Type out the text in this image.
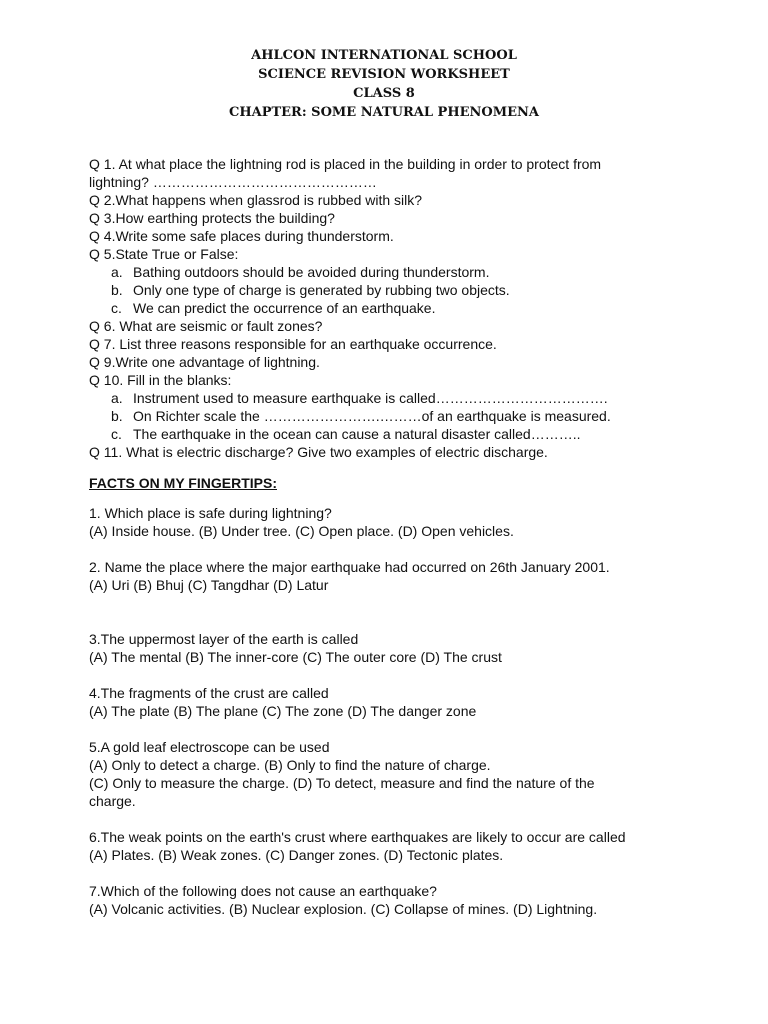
AHLCON INTERNATIONAL SCHOOL
SCIENCE REVISION WORKSHEET
CLASS 8
CHAPTER: SOME NATURAL PHENOMENA
Q 1. At what place the lightning rod is placed in the building in order to protect from
lightning? …………………………………………
Q 2.What happens when glassrod is rubbed with silk?
Q 3.How earthing protects the building?
Q 4.Write some safe places during thunderstorm.
Q 5.State True or False:
a. Bathing outdoors should be avoided during thunderstorm.
b. Only one type of charge is generated by rubbing two objects.
c. We can predict the occurrence of an earthquake.
Q 6. What are seismic or fault zones?
Q 7. List three reasons responsible for an earthquake occurrence.
Q 9.Write one advantage of lightning.
Q 10. Fill in the blanks:
a. Instrument used to measure earthquake is called……………………………….
b. On Richter scale the …………………….………of an earthquake is measured.
c. The earthquake in the ocean can cause a natural disaster called………..
Q 11. What is electric discharge? Give two examples of electric discharge.
FACTS ON MY FINGERTIPS:
1. Which place is safe during lightning?
(A) Inside house. (B) Under tree. (C) Open place. (D) Open vehicles.
2. Name the place where the major earthquake had occurred on 26th January 2001.
(A) Uri (B) Bhuj (C) Tangdhar (D) Latur
3.The uppermost layer of the earth is called
(A) The mental (B) The inner-core (C) The outer core (D) The crust
4.The fragments of the crust are called
(A) The plate (B) The plane (C) The zone (D) The danger zone
5.A gold leaf electroscope can be used
(A) Only to detect a charge. (B) Only to find the nature of charge.
(C) Only to measure the charge. (D) To detect, measure and find the nature of the
charge.
6.The weak points on the earth's crust where earthquakes are likely to occur are called
(A) Plates. (B) Weak zones. (C) Danger zones. (D) Tectonic plates.
7.Which of the following does not cause an earthquake?
(A) Volcanic activities. (B) Nuclear explosion. (C) Collapse of mines. (D) Lightning.
